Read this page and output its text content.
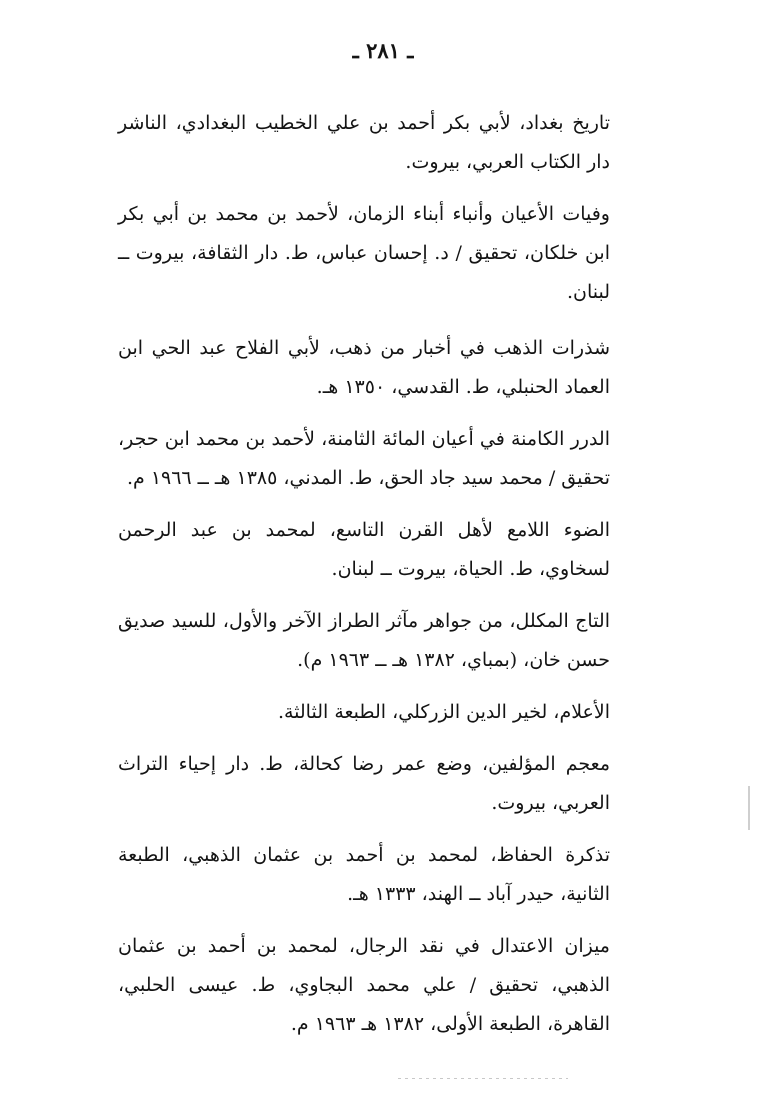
ـ ٢٨١ ـ

تاريخ بغداد، لأبي بكر أحمد بن علي الخطيب البغدادي، الناشر دار الكتاب العربي، بيروت.

وفيات الأعيان وأنباء أبناء الزمان، لأحمد بن محمد بن أبي بكر ابن خلكان، تحقيق / د. إحسان عباس، ط. دار الثقافة، بيروت ــ لبنان.

شذرات الذهب في أخبار من ذهب، لأبي الفلاح عبد الحي ابن العماد الحنبلي، ط. القدسي، ١٣٥٠ هـ.

الدرر الكامنة في أعيان المائة الثامنة، لأحمد بن محمد ابن حجر، تحقيق / محمد سيد جاد الحق، ط. المدني، ١٣٨٥ هـ ــ ١٩٦٦ م.

الضوء اللامع لأهل القرن التاسع، لمحمد بن عبد الرحمن لسخاوي، ط. الحياة، بيروت ــ لبنان.

التاج المكلل، من جواهر مآثر الطراز الآخر والأول، للسيد صديق حسن خان، (بمباي، ١٣٨٢ هـ ــ ١٩٦٣ م).

الأعلام، لخير الدين الزركلي، الطبعة الثالثة.

معجم المؤلفين، وضع عمر رضا كحالة، ط. دار إحياء التراث العربي، بيروت.

تذكرة الحفاظ، لمحمد بن أحمد بن عثمان الذهبي، الطبعة الثانية، حيدر آباد ــ الهند، ١٣٣٣ هـ.

ميزان الاعتدال في نقد الرجال، لمحمد بن أحمد بن عثمان الذهبي، تحقيق / علي محمد البجاوي، ط. عيسى الحلبي، القاهرة، الطبعة الأولى، ١٣٨٢ هـ ١٩٦٣ م.
